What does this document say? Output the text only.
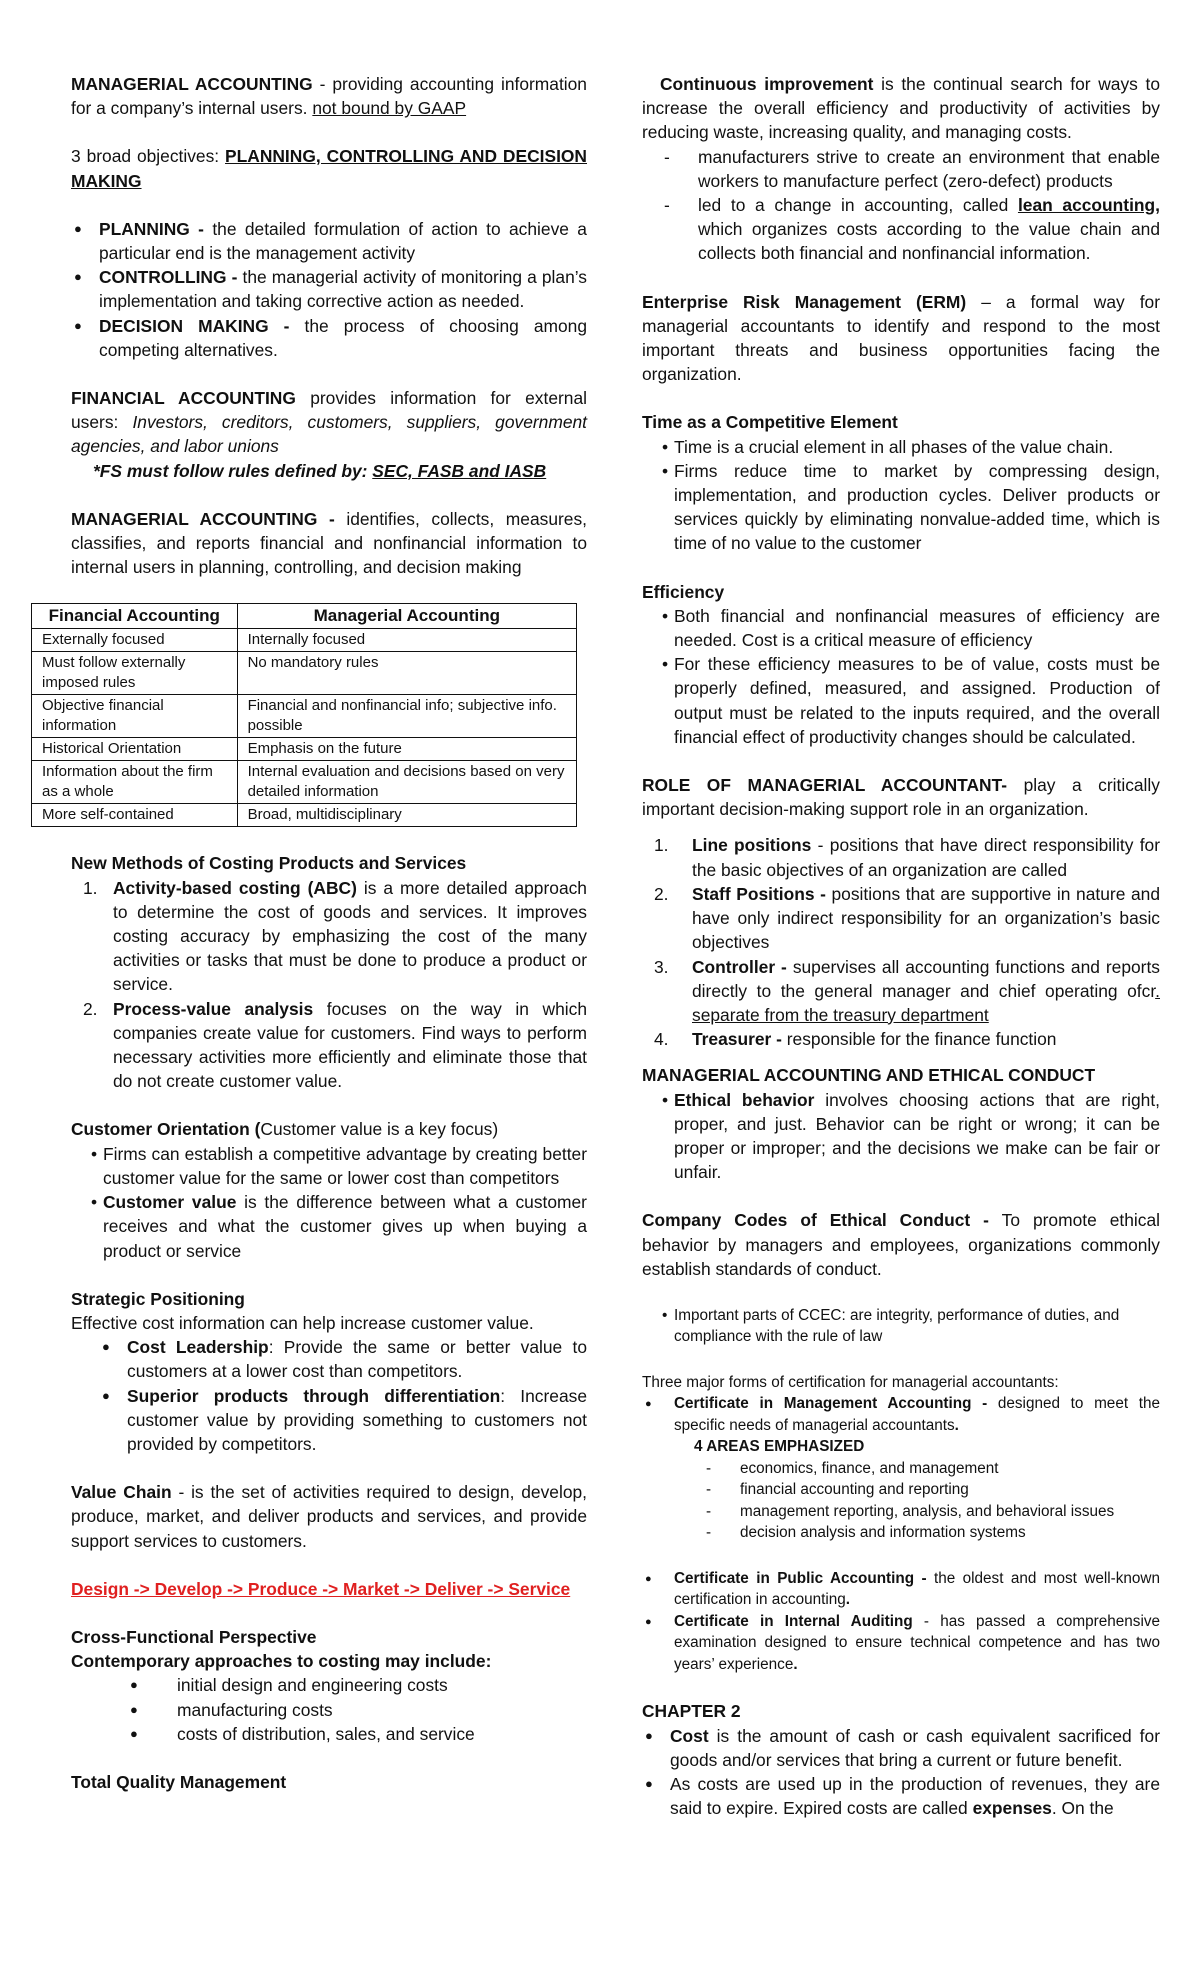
MANAGERIAL ACCOUNTING - providing accounting information for a company’s internal users. not bound by GAAP

3 broad objectives: PLANNING, CONTROLLING AND DECISION MAKING

● PLANNING - the detailed formulation of action to achieve a particular end is the management activity
● CONTROLLING - the managerial activity of monitoring a plan’s implementation and taking corrective action as needed.
● DECISION MAKING - the process of choosing among competing alternatives.

FINANCIAL ACCOUNTING provides information for external users: Investors, creditors, customers, suppliers, government agencies, and labor unions

*FS must follow rules defined by: SEC, FASB and IASB

MANAGERIAL ACCOUNTING - identifies, collects, measures, classifies, and reports financial and nonfinancial information to internal users in planning, controlling, and decision making

Financial Accounting	Managerial Accounting
Externally focused	Internally focused
Must follow externally imposed rules	No mandatory rules
Objective financial information	Financial and nonfinancial info; subjective info. possible
Historical Orientation	Emphasis on the future
Information about the firm as a whole	Internal evaluation and decisions based on very detailed information
More self-contained	Broad, multidisciplinary

New Methods of Costing Products and Services

1. Activity-based costing (ABC) is a more detailed approach to determine the cost of goods and services. It improves costing accuracy by emphasizing the cost of the many activities or tasks that must be done to produce a product or service.
2. Process-value analysis focuses on the way in which companies create value for customers. Find ways to perform necessary activities more efficiently and eliminate those that do not create customer value.

Customer Orientation (Customer value is a key focus)

• Firms can establish a competitive advantage by creating better customer value for the same or lower cost than competitors
• Customer value is the difference between what a customer receives and what the customer gives up when buying a product or service

Strategic Positioning

Effective cost information can help increase customer value.

● Cost Leadership: Provide the same or better value to customers at a lower cost than competitors.
● Superior products through differentiation: Increase customer value by providing something to customers not provided by competitors.

Value Chain - is the set of activities required to design, develop, produce, market, and deliver products and services, and provide support services to customers.

Design -> Develop -> Produce -> Market -> Deliver -> Service

Cross-Functional Perspective

Contemporary approaches to costing may include:

● initial design and engineering costs
● manufacturing costs
● costs of distribution, sales, and service

Total Quality Management

Continuous improvement is the continual search for ways to increase the overall efficiency and productivity of activities by reducing waste, increasing quality, and managing costs.

- manufacturers strive to create an environment that enable workers to manufacture perfect (zero-defect) products
- led to a change in accounting, called lean accounting, which organizes costs according to the value chain and collects both financial and nonfinancial information.

Enterprise Risk Management (ERM) – a formal way for managerial accountants to identify and respond to the most important threats and business opportunities facing the organization.

Time as a Competitive Element

• Time is a crucial element in all phases of the value chain.
• Firms reduce time to market by compressing design, implementation, and production cycles. Deliver products or services quickly by eliminating nonvalue-added time, which is time of no value to the customer

Efficiency

• Both financial and nonfinancial measures of efficiency are needed. Cost is a critical measure of efficiency
• For these efficiency measures to be of value, costs must be properly defined, measured, and assigned. Production of output must be related to the inputs required, and the overall financial effect of productivity changes should be calculated.

ROLE OF MANAGERIAL ACCOUNTANT- play a critically important decision-making support role in an organization.

1. Line positions - positions that have direct responsibility for the basic objectives of an organization are called
2. Staff Positions - positions that are supportive in nature and have only indirect responsibility for an organization’s basic objectives
3. Controller - supervises all accounting functions and reports directly to the general manager and chief operating ofcr. separate from the treasury department
4. Treasurer - responsible for the finance function

MANAGERIAL ACCOUNTING AND ETHICAL CONDUCT

• Ethical behavior involves choosing actions that are right, proper, and just. Behavior can be right or wrong; it can be proper or improper; and the decisions we make can be fair or unfair.

Company Codes of Ethical Conduct - To promote ethical behavior by managers and employees, organizations commonly establish standards of conduct.

• Important parts of CCEC: are integrity, performance of duties, and compliance with the rule of law

Three major forms of certification for managerial accountants:

● Certificate in Management Accounting - designed to meet the specific needs of managerial accountants.

4 AREAS EMPHASIZED

- economics, finance, and management
- financial accounting and reporting
- management reporting, analysis, and behavioral issues
- decision analysis and information systems
● Certificate in Public Accounting - the oldest and most well-known certification in accounting.
● Certificate in Internal Auditing - has passed a comprehensive examination designed to ensure technical competence and has two years’ experience.

CHAPTER 2

● Cost is the amount of cash or cash equivalent sacrificed for goods and/or services that bring a current or future benefit.
● As costs are used up in the production of revenues, they are said to expire. Expired costs are called expenses. On the
